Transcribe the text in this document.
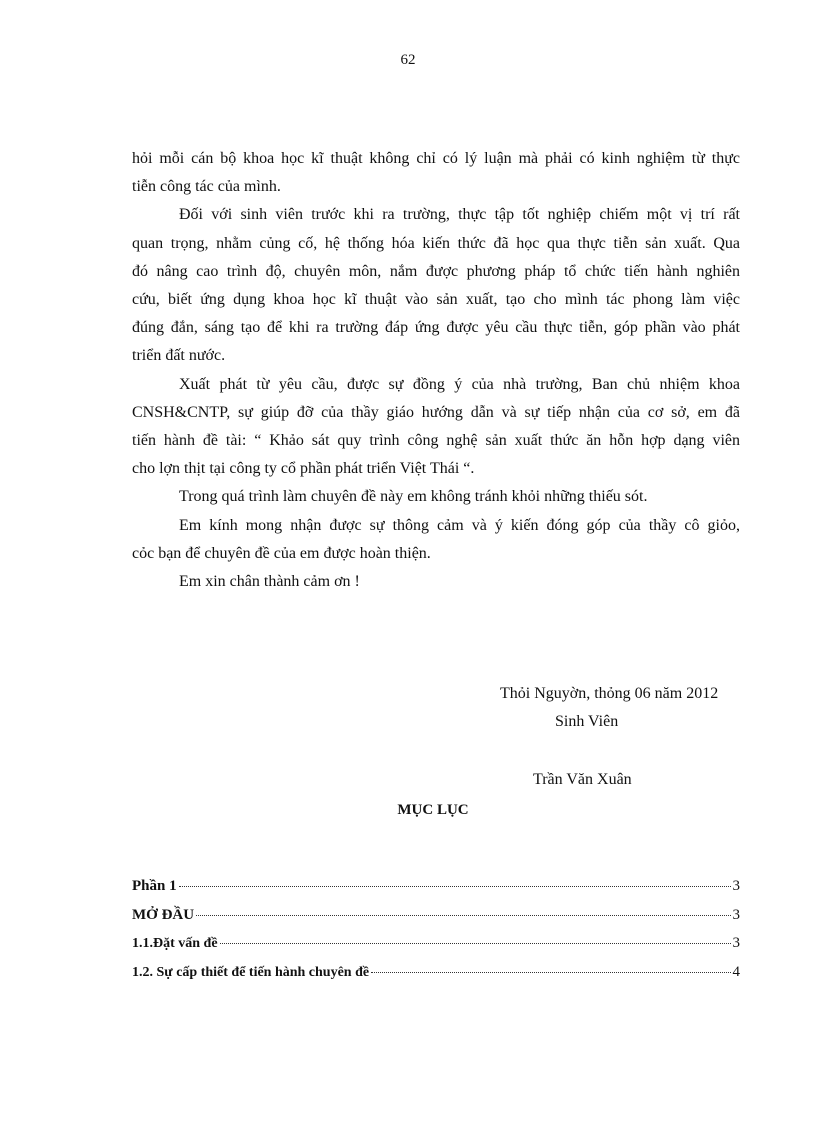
62

hỏi mỗi cán bộ khoa học kĩ thuật không chỉ có lý luận mà phải có kinh nghiệm từ thực

tiễn công tác của mình.

Đối với sinh viên trước khi ra trường, thực tập tốt nghiệp chiếm một vị trí rất

quan trọng, nhằm củng cố, hệ thống hóa kiến thức đã học qua thực tiễn sản xuất. Qua

đó nâng cao trình độ, chuyên môn, nắm được phương pháp tổ chức tiến hành nghiên

cứu, biết ứng dụng khoa học kĩ thuật vào sản xuất, tạo cho mình tác phong làm việc

đúng đắn, sáng tạo để khi ra trường đáp ứng được yêu cầu thực tiễn, góp phần vào phát

triển đất nước.

Xuất phát từ yêu cầu, được sự đồng ý của nhà trường, Ban chủ nhiệm khoa

CNSH&CNTP, sự giúp đỡ của thầy giáo hướng dẫn và sự tiếp nhận của cơ sở, em đã

tiến hành đề tài: “ Khảo sát quy trình công nghệ sản xuất thức ăn hỗn hợp dạng viên

cho lợn thịt tại công ty cổ phần phát triển Việt Thái “.

Trong quá trình làm chuyên đề này em không tránh khỏi những thiếu sót.

Em kính mong nhận được sự thông cảm và ý kiến đóng góp của thầy cô giỏo,

cỏc bạn để chuyên đề của em được hoàn thiện.

Em xin chân thành cảm ơn !

Thỏi Nguyờn, thỏng 06 năm 2012
Sinh Viên
Trần Văn Xuân
MỤC LỤC
Phần 1	3
MỞ ĐẦU	3
1.1.Đặt vấn đề	3
1.2. Sự cấp thiết để tiến hành chuyên đề	4
